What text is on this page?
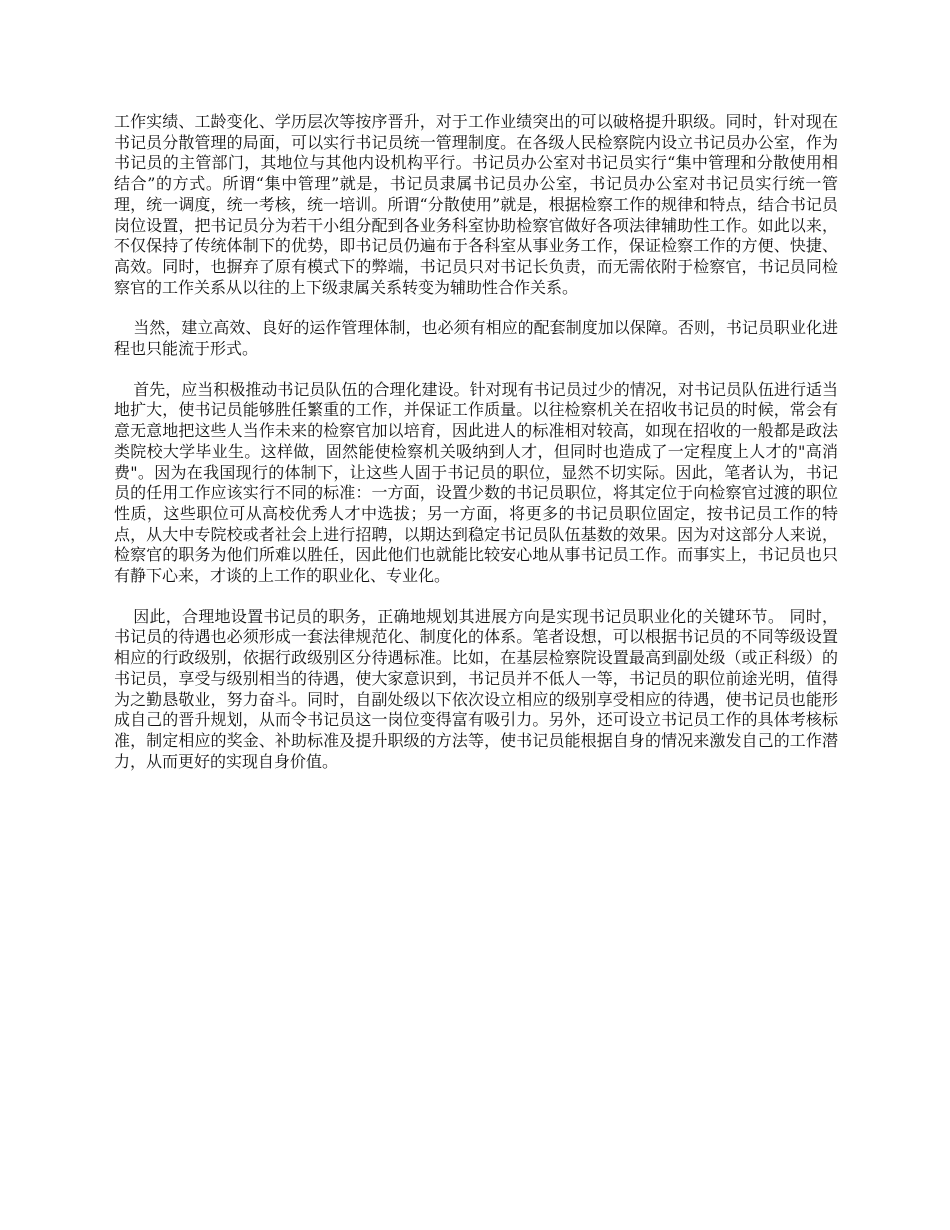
工作实绩、工龄变化、学历层次等按序晋升，对于工作业绩突出的可以破格提升职级。同时，针对现在书记员分散管理的局面，可以实行书记员统一管理制度。在各级人民检察院内设立书记员办公室，作为书记员的主管部门，其地位与其他内设机构平行。书记员办公室对书记员实行“集中管理和分散使用相结合”的方式。所谓“集中管理”就是，书记员隶属书记员办公室，书记员办公室对书记员实行统一管理，统一调度，统一考核，统一培训。所谓“分散使用”就是，根据检察工作的规律和特点，结合书记员岗位设置，把书记员分为若干小组分配到各业务科室协助检察官做好各项法律辅助性工作。如此以来，不仅保持了传统体制下的优势，即书记员仍遍布于各科室从事业务工作，保证检察工作的方便、快捷、高效。同时，也摒弃了原有模式下的弊端，书记员只对书记长负责，而无需依附于检察官，书记员同检察官的工作关系从以往的上下级隶属关系转变为辅助性合作关系。

当然，建立高效、良好的运作管理体制，也必须有相应的配套制度加以保障。否则，书记员职业化进程也只能流于形式。

首先，应当积极推动书记员队伍的合理化建设。针对现有书记员过少的情况，对书记员队伍进行适当地扩大，使书记员能够胜任繁重的工作，并保证工作质量。以往检察机关在招收书记员的时候，常会有意无意地把这些人当作未来的检察官加以培育，因此进人的标准相对较高，如现在招收的一般都是政法类院校大学毕业生。这样做，固然能使检察机关吸纳到人才，但同时也造成了一定程度上人才的"高消费"。因为在我国现行的体制下，让这些人固于书记员的职位，显然不切实际。因此，笔者认为，书记员的任用工作应该实行不同的标准：一方面，设置少数的书记员职位，将其定位于向检察官过渡的职位性质，这些职位可从高校优秀人才中选拔；另一方面，将更多的书记员职位固定，按书记员工作的特点，从大中专院校或者社会上进行招聘，以期达到稳定书记员队伍基数的效果。因为对这部分人来说，检察官的职务为他们所难以胜任，因此他们也就能比较安心地从事书记员工作。而事实上，书记员也只有静下心来，才谈的上工作的职业化、专业化。

因此，合理地设置书记员的职务，正确地规划其进展方向是实现书记员职业化的关键环节。 同时，书记员的待遇也必须形成一套法律规范化、制度化的体系。笔者设想，可以根据书记员的不同等级设置相应的行政级别，依据行政级别区分待遇标准。比如，在基层检察院设置最高到副处级（或正科级）的书记员，享受与级别相当的待遇，使大家意识到，书记员并不低人一等，书记员的职位前途光明，值得为之勤恳敬业，努力奋斗。同时，自副处级以下依次设立相应的级别享受相应的待遇，使书记员也能形成自己的晋升规划，从而令书记员这一岗位变得富有吸引力。另外，还可设立书记员工作的具体考核标准，制定相应的奖金、补助标准及提升职级的方法等，使书记员能根据自身的情况来激发自己的工作潜力，从而更好的实现自身价值。
